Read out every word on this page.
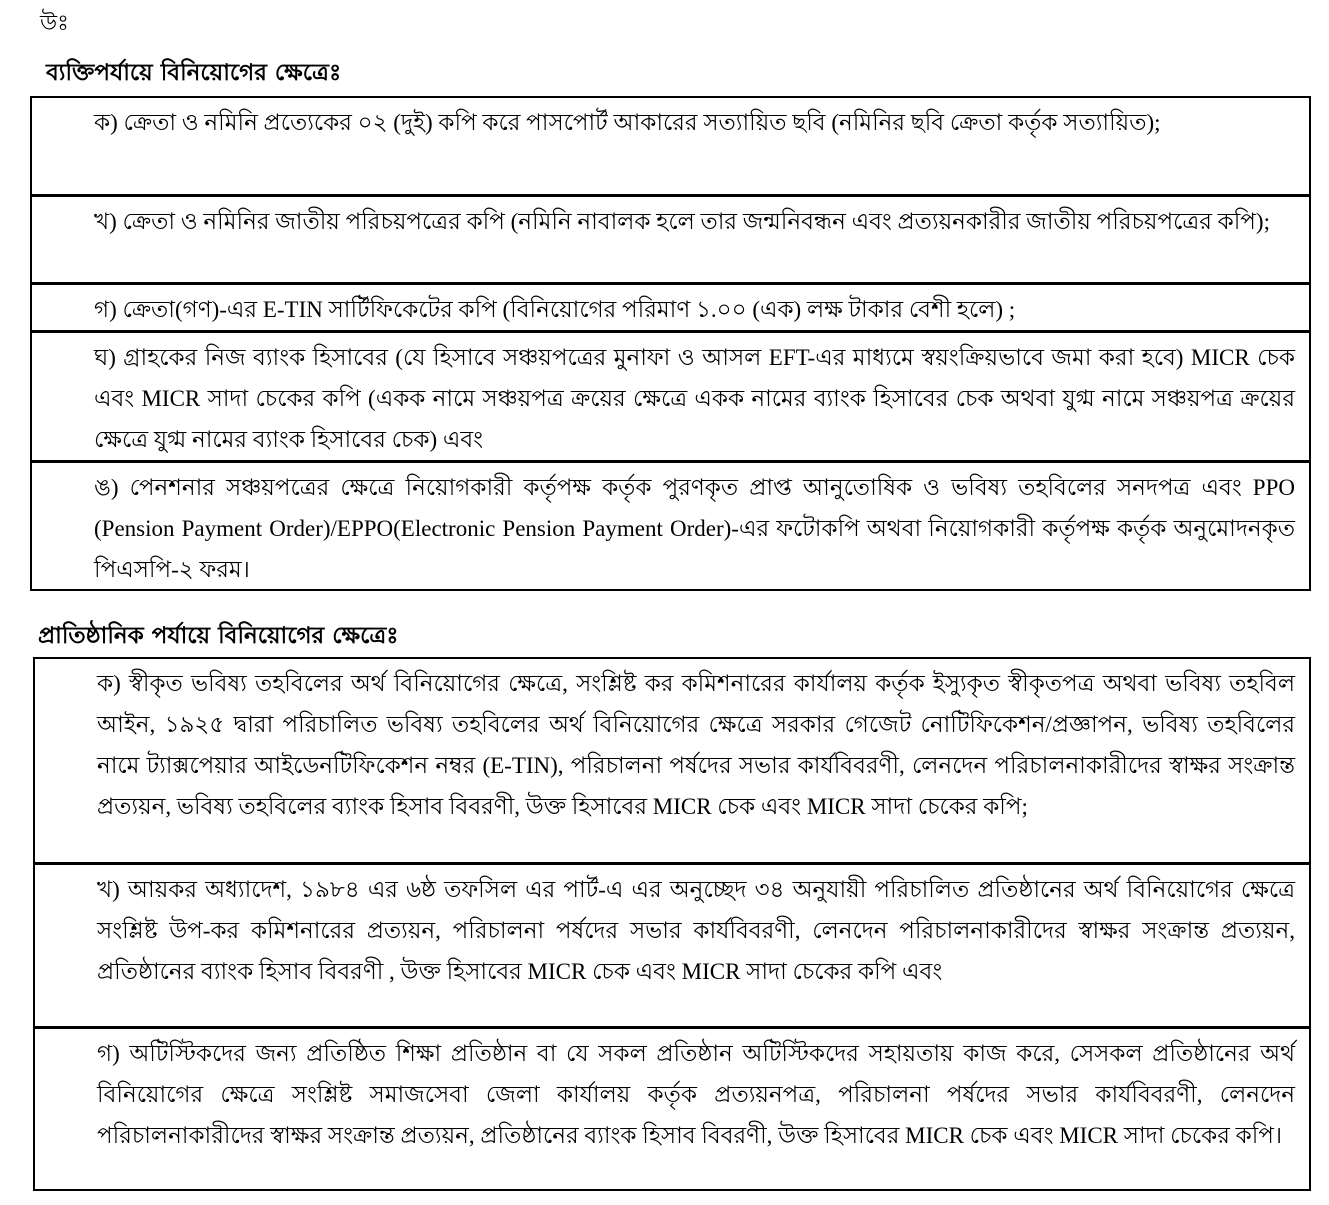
উঃ
ব্যক্তিপর্যায়ে বিনিয়োগের ক্ষেত্রেঃ
ক) ক্রেতা ও নমিনি প্রত্যেকের ০২ (দুই) কপি করে পাসপোর্ট আকারের সত্যায়িত ছবি (নমিনির ছবি ক্রেতা কর্তৃক সত্যায়িত);
খ) ক্রেতা ও নমিনির জাতীয় পরিচয়পত্রের কপি (নমিনি নাবালক হলে তার জন্মনিবন্ধন এবং প্রত্যয়নকারীর জাতীয় পরিচয়পত্রের কপি);
গ) ক্রেতা(গণ)-এর E-TIN সার্টিফিকেটের কপি (বিনিয়োগের পরিমাণ ১.০০ (এক) লক্ষ টাকার বেশী হলে) ;
ঘ) গ্রাহকের নিজ ব্যাংক হিসাবের (যে হিসাবে সঞ্চয়পত্রের মুনাফা ও আসল EFT-এর মাধ্যমে স্বয়ংক্রিয়ভাবে জমা করা হবে) MICR চেক এবং MICR সাদা চেকের কপি (একক নামে সঞ্চয়পত্র ক্রয়ের ক্ষেত্রে একক নামের ব্যাংক হিসাবের চেক অথবা যুগ্ম নামে সঞ্চয়পত্র ক্রয়ের ক্ষেত্রে যুগ্ম নামের ব্যাংক হিসাবের চেক) এবং
ঙ) পেনশনার সঞ্চয়পত্রের ক্ষেত্রে নিয়োগকারী কর্তৃপক্ষ কর্তৃক পুরণকৃত প্রাপ্ত আনুতোষিক ও ভবিষ্য তহবিলের সনদপত্র এবং PPO (Pension Payment Order)/EPPO(Electronic Pension Payment Order)-এর ফটোকপি অথবা নিয়োগকারী কর্তৃপক্ষ কর্তৃক অনুমোদনকৃত পিএসপি-২ ফরম।
প্রাতিষ্ঠানিক পর্যায়ে বিনিয়োগের ক্ষেত্রেঃ
ক) স্বীকৃত ভবিষ্য তহবিলের অর্থ বিনিয়োগের ক্ষেত্রে, সংশ্লিষ্ট কর কমিশনারের কার্যালয় কর্তৃক ইস্যুকৃত স্বীকৃতপত্র অথবা ভবিষ্য তহবিল আইন, ১৯২৫ দ্বারা পরিচালিত ভবিষ্য তহবিলের অর্থ বিনিয়োগের ক্ষেত্রে সরকার গেজেট নোটিফিকেশন/প্রজ্ঞাপন, ভবিষ্য তহবিলের নামে ট্যাক্সপেয়ার আইডেনটিফিকেশন নম্বর (E-TIN), পরিচালনা পর্ষদের সভার কার্যবিবরণী, লেনদেন পরিচালনাকারীদের স্বাক্ষর সংক্রান্ত প্রত্যয়ন, ভবিষ্য তহবিলের ব্যাংক হিসাব বিবরণী, উক্ত হিসাবের MICR চেক এবং MICR সাদা চেকের কপি;
খ) আয়কর অধ্যাদেশ, ১৯৮৪ এর ৬ষ্ঠ তফসিল এর পার্ট-এ এর অনুচ্ছেদ ৩৪ অনুযায়ী পরিচালিত প্রতিষ্ঠানের অর্থ বিনিয়োগের ক্ষেত্রে সংশ্লিষ্ট উপ-কর কমিশনারের প্রত্যয়ন, পরিচালনা পর্ষদের সভার কার্যবিবরণী, লেনদেন পরিচালনাকারীদের স্বাক্ষর সংক্রান্ত প্রত্যয়ন, প্রতিষ্ঠানের ব্যাংক হিসাব বিবরণী , উক্ত হিসাবের MICR চেক এবং MICR সাদা চেকের কপি এবং
গ) অটিস্টিকদের জন্য প্রতিষ্ঠিত শিক্ষা প্রতিষ্ঠান বা যে সকল প্রতিষ্ঠান অটিস্টিকদের সহায়তায় কাজ করে, সেসকল প্রতিষ্ঠানের অর্থ বিনিয়োগের ক্ষেত্রে সংশ্লিষ্ট সমাজসেবা জেলা কার্যালয় কর্তৃক প্রত্যয়নপত্র, পরিচালনা পর্ষদের সভার কার্যবিবরণী, লেনদেন পরিচালনাকারীদের স্বাক্ষর সংক্রান্ত প্রত্যয়ন, প্রতিষ্ঠানের ব্যাংক হিসাব বিবরণী, উক্ত হিসাবের MICR চেক এবং MICR সাদা চেকের কপি।
